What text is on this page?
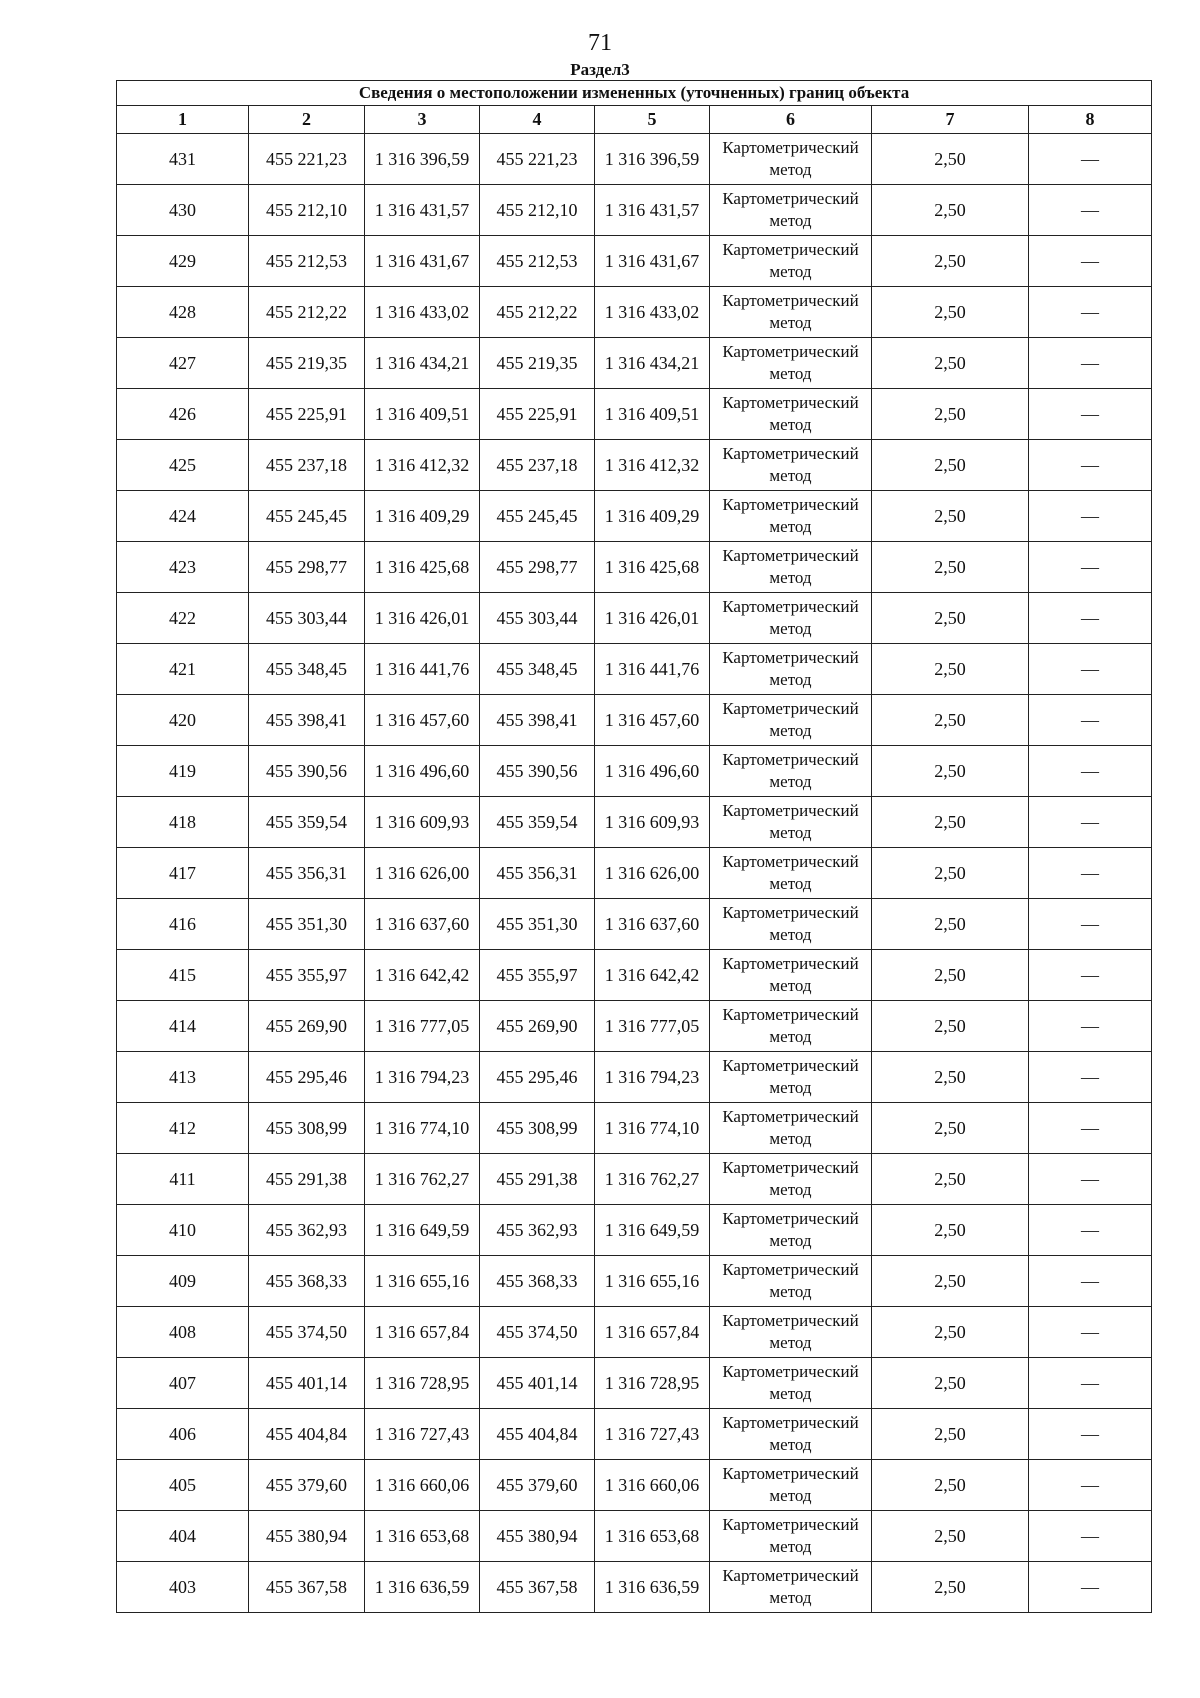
71
Раздел3
Сведения о местоположении измененных (уточненных) границ объекта							
1	2	3	4	5	6	7	8
431	455 221,23	1 316 396,59	455 221,23	1 316 396,59	Картометрический метод	2,50	—
430	455 212,10	1 316 431,57	455 212,10	1 316 431,57	Картометрический метод	2,50	—
429	455 212,53	1 316 431,67	455 212,53	1 316 431,67	Картометрический метод	2,50	—
428	455 212,22	1 316 433,02	455 212,22	1 316 433,02	Картометрический метод	2,50	—
427	455 219,35	1 316 434,21	455 219,35	1 316 434,21	Картометрический метод	2,50	—
426	455 225,91	1 316 409,51	455 225,91	1 316 409,51	Картометрический метод	2,50	—
425	455 237,18	1 316 412,32	455 237,18	1 316 412,32	Картометрический метод	2,50	—
424	455 245,45	1 316 409,29	455 245,45	1 316 409,29	Картометрический метод	2,50	—
423	455 298,77	1 316 425,68	455 298,77	1 316 425,68	Картометрический метод	2,50	—
422	455 303,44	1 316 426,01	455 303,44	1 316 426,01	Картометрический метод	2,50	—
421	455 348,45	1 316 441,76	455 348,45	1 316 441,76	Картометрический метод	2,50	—
420	455 398,41	1 316 457,60	455 398,41	1 316 457,60	Картометрический метод	2,50	—
419	455 390,56	1 316 496,60	455 390,56	1 316 496,60	Картометрический метод	2,50	—
418	455 359,54	1 316 609,93	455 359,54	1 316 609,93	Картометрический метод	2,50	—
417	455 356,31	1 316 626,00	455 356,31	1 316 626,00	Картометрический метод	2,50	—
416	455 351,30	1 316 637,60	455 351,30	1 316 637,60	Картометрический метод	2,50	—
415	455 355,97	1 316 642,42	455 355,97	1 316 642,42	Картометрический метод	2,50	—
414	455 269,90	1 316 777,05	455 269,90	1 316 777,05	Картометрический метод	2,50	—
413	455 295,46	1 316 794,23	455 295,46	1 316 794,23	Картометрический метод	2,50	—
412	455 308,99	1 316 774,10	455 308,99	1 316 774,10	Картометрический метод	2,50	—
411	455 291,38	1 316 762,27	455 291,38	1 316 762,27	Картометрический метод	2,50	—
410	455 362,93	1 316 649,59	455 362,93	1 316 649,59	Картометрический метод	2,50	—
409	455 368,33	1 316 655,16	455 368,33	1 316 655,16	Картометрический метод	2,50	—
408	455 374,50	1 316 657,84	455 374,50	1 316 657,84	Картометрический метод	2,50	—
407	455 401,14	1 316 728,95	455 401,14	1 316 728,95	Картометрический метод	2,50	—
406	455 404,84	1 316 727,43	455 404,84	1 316 727,43	Картометрический метод	2,50	—
405	455 379,60	1 316 660,06	455 379,60	1 316 660,06	Картометрический метод	2,50	—
404	455 380,94	1 316 653,68	455 380,94	1 316 653,68	Картометрический метод	2,50	—
403	455 367,58	1 316 636,59	455 367,58	1 316 636,59	Картометрический метод	2,50	—
